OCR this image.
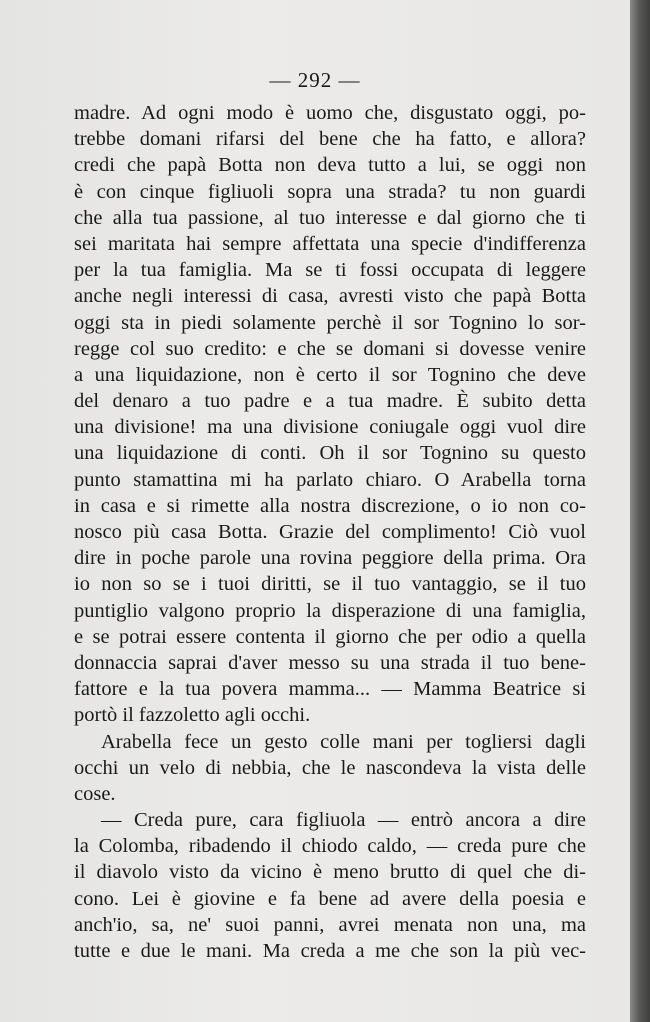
— 292 —
madre. Ad ogni modo è uomo che, disgustato oggi, po-
trebbe domani rifarsi del bene che ha fatto, e allora?
credi che papà Botta non deva tutto a lui, se oggi non
è con cinque figliuoli sopra una strada? tu non guardi
che alla tua passione, al tuo interesse e dal giorno che ti
sei maritata hai sempre affettata una specie d'indifferenza
per la tua famiglia. Ma se ti fossi occupata di leggere
anche negli interessi di casa, avresti visto che papà Botta
oggi sta in piedi solamente perchè il sor Tognino lo sor-
regge col suo credito: e che se domani si dovesse venire
a una liquidazione, non è certo il sor Tognino che deve
del denaro a tuo padre e a tua madre. È subito detta
una divisione! ma una divisione coniugale oggi vuol dire
una liquidazione di conti. Oh il sor Tognino su questo
punto stamattina mi ha parlato chiaro. O Arabella torna
in casa e si rimette alla nostra discrezione, o io non co-
nosco più casa Botta. Grazie del complimento! Ciò vuol
dire in poche parole una rovina peggiore della prima. Ora
io non so se i tuoi diritti, se il tuo vantaggio, se il tuo
puntiglio valgono proprio la disperazione di una famiglia,
e se potrai essere contenta il giorno che per odio a quella
donnaccia saprai d'aver messo su una strada il tuo bene-
fattore e la tua povera mamma... — Mamma Beatrice si
portò il fazzoletto agli occhi.
Arabella fece un gesto colle mani per togliersi dagli
occhi un velo di nebbia, che le nascondeva la vista delle
cose.
— Creda pure, cara figliuola — entrò ancora a dire
la Colomba, ribadendo il chiodo caldo, — creda pure che
il diavolo visto da vicino è meno brutto di quel che di-
cono. Lei è giovine e fa bene ad avere della poesia e
anch'io, sa, ne' suoi panni, avrei menata non una, ma
tutte e due le mani. Ma creda a me che son la più vec-
